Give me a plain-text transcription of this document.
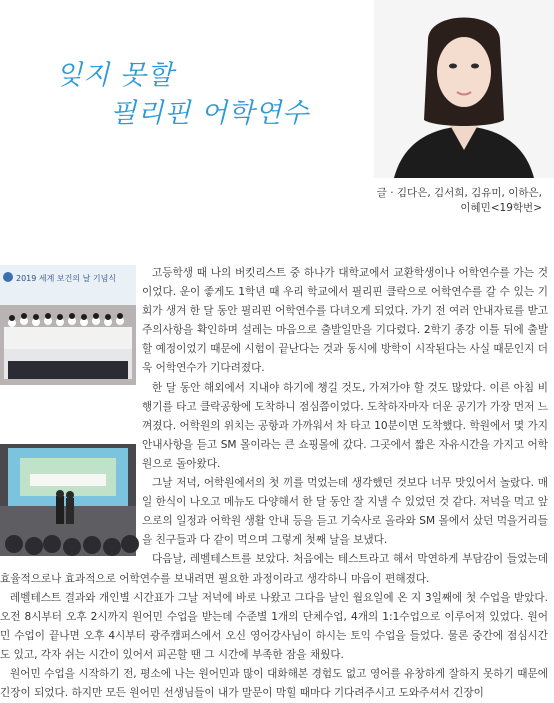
잊지 못할
필리핀 어학연수
글 · 김다은, 김서희, 김유미, 이하은,
이혜민<19학번>
2019 세계 보건의 날 기념식	고등학생 때 나의 버킷리스트 중 하나가 대학교에서 교환학생이나 어학연수를 가는 것이었다. 운이 좋게도 1학년 때 우리 학교에서 필리핀 클락으로 어학연수를 갈 수 있는 기회가 생겨 한 달 동안 필리핀 어학연수를 다녀오게 되었다. 가기 전 여러 안내자료를 받고 주의사항을 확인하며 설레는 마음으로 출발일만을 기다렸다. 2학기 종강 이틀 뒤에 출발할 예정이었기 때문에 시험이 끝난다는 것과 동시에 방학이 시작된다는 사실 때문인지 더욱 어학연수가 기다려졌다.

한 달 동안 해외에서 지내야 하기에 챙길 것도, 가져가야 할 것도 많았다. 이른 아침 비행기를 타고 클락공항에 도착하니 점심쯤이었다. 도착하자마자 더운 공기가 가장 먼저 느껴졌다. 어학원의 위치는 공항과 가까워서 차 타고 10분이면 도착했다. 학원에서 몇 가지 안내사항을 듣고 SM 몰이라는 큰 쇼핑몰에 갔다. 그곳에서 짧은 자유시간을 가지고 어학원으로 돌아왔다.

그날 저녁, 어학원에서의 첫 끼를 먹었는데 생각했던 것보다 너무 맛있어서 놀랐다. 매일 한식이 나오고 메뉴도 다양해서 한 달 동안 잘 지낼 수 있었던 것 같다. 저녁을 먹고 앞으로의 일정과 어학원 생활 안내 등을 듣고 기숙사로 올라와 SM 몰에서 샀던 먹을거리들을 친구들과 다 같이 먹으며 그렇게 첫째 날을 보냈다.

다음날, 레벨테스트를 보았다. 처음에는 테스트라고 해서 막연하게 부담감이 들었는데 효율적으로나 효과적으로 어학연수를 보내려면 필요한 과정이라고 생각하니 마음이 편해졌다.

레벨테스트 결과와 개인별 시간표가 그날 저녁에 바로 나왔고 그다음 날인 월요일에 온 지 3일째에 첫 수업을 받았다. 오전 8시부터 오후 2시까지 원어민 수업을 받는데 수준별 1개의 단체수업, 4개의 1:1수업으로 이루어져 있었다. 원어민 수업이 끝나면 오후 4시부터 광주캠퍼스에서 오신 영어강사님이 하시는 토익 수업을 들었다. 물론 중간에 점심시간도 있고, 각자 쉬는 시간이 있어서 피곤할 땐 그 시간에 부족한 잠을 채웠다.

원어민 수업을 시작하기 전, 평소에 나는 원어민과 많이 대화해본 경험도 없고 영어를 유창하게 잘하지 못하기 때문에 긴장이 되었다. 하지만 모든 원어민 선생님들이 내가 말문이 막힐 때마다 기다려주시고 도와주셔서 긴장이
